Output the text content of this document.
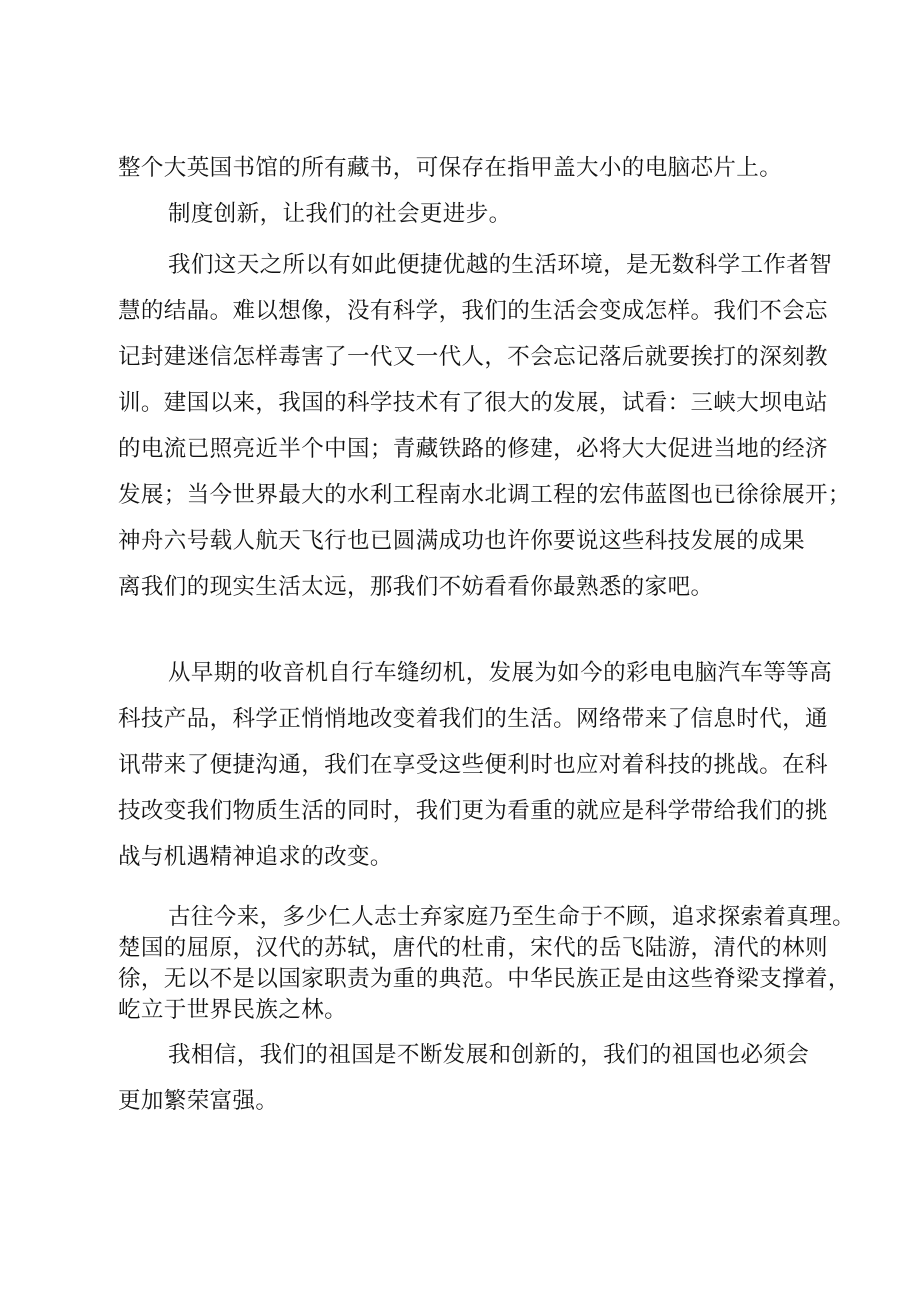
整个大英国书馆的所有藏书，可保存在指甲盖大小的电脑芯片上。
制度创新，让我们的社会更进步。
我们这天之所以有如此便捷优越的生活环境，是无数科学工作者智
慧的结晶。难以想像，没有科学，我们的生活会变成怎样。我们不会忘
记封建迷信怎样毒害了一代又一代人，不会忘记落后就要挨打的深刻教
训。建国以来，我国的科学技术有了很大的发展，试看：三峡大坝电站
的电流已照亮近半个中国；青藏铁路的修建，必将大大促进当地的经济
发展；当今世界最大的水利工程南水北调工程的宏伟蓝图也已徐徐展开；
神舟六号载人航天飞行也已圆满成功也许你要说这些科技发展的成果
离我们的现实生活太远，那我们不妨看看你最熟悉的家吧。
从早期的收音机自行车缝纫机，发展为如今的彩电电脑汽车等等高
科技产品，科学正悄悄地改变着我们的生活。网络带来了信息时代，通
讯带来了便捷沟通，我们在享受这些便利时也应对着科技的挑战。在科
技改变我们物质生活的同时，我们更为看重的就应是科学带给我们的挑
战与机遇精神追求的改变。
古往今来，多少仁人志士弃家庭乃至生命于不顾，追求探索着真理。
楚国的屈原，汉代的苏轼，唐代的杜甫，宋代的岳飞陆游，清代的林则
徐，无以不是以国家职责为重的典范。中华民族正是由这些脊梁支撑着，
屹立于世界民族之林。
我相信，我们的祖国是不断发展和创新的，我们的祖国也必须会
更加繁荣富强。
